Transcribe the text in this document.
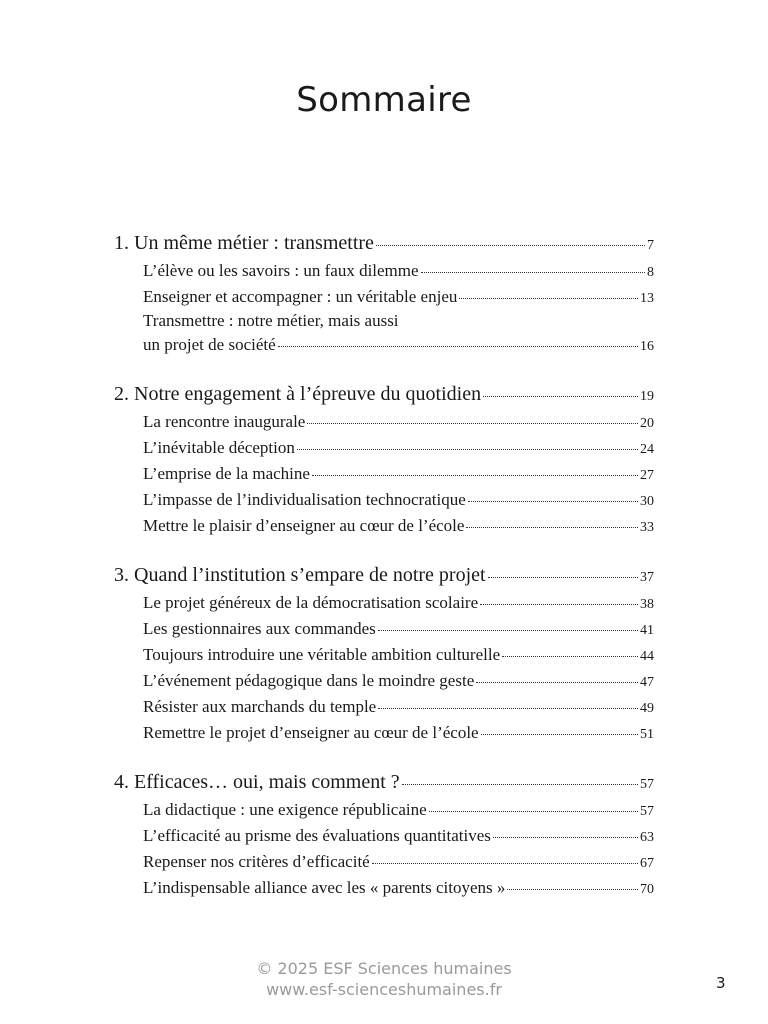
Sommaire
1. Un même métier : transmettre	7
L’élève ou les savoirs : un faux dilemme	8
Enseigner et accompagner : un véritable enjeu	13
Transmettre : notre métier, mais aussi
un projet de société	16
2. Notre engagement à l’épreuve du quotidien	19
La rencontre inaugurale	20
L’inévitable déception	24
L’emprise de la machine	27
L’impasse de l’individualisation technocratique	30
Mettre le plaisir d’enseigner au cœur de l’école	33
3. Quand l’institution s’empare de notre projet	37
Le projet généreux de la démocratisation scolaire	38
Les gestionnaires aux commandes	41
Toujours introduire une véritable ambition culturelle	44
L’événement pédagogique dans le moindre geste	47
Résister aux marchands du temple	49
Remettre le projet d’enseigner au cœur de l’école	51
4. Efficaces… oui, mais comment ?	57
La didactique : une exigence républicaine	57
L’efficacité au prisme des évaluations quantitatives	63
Repenser nos critères d’efficacité	67
L’indispensable alliance avec les « parents citoyens »	70
© 2025 ESF Sciences humaines
www.esf-scienceshumaines.fr	3
